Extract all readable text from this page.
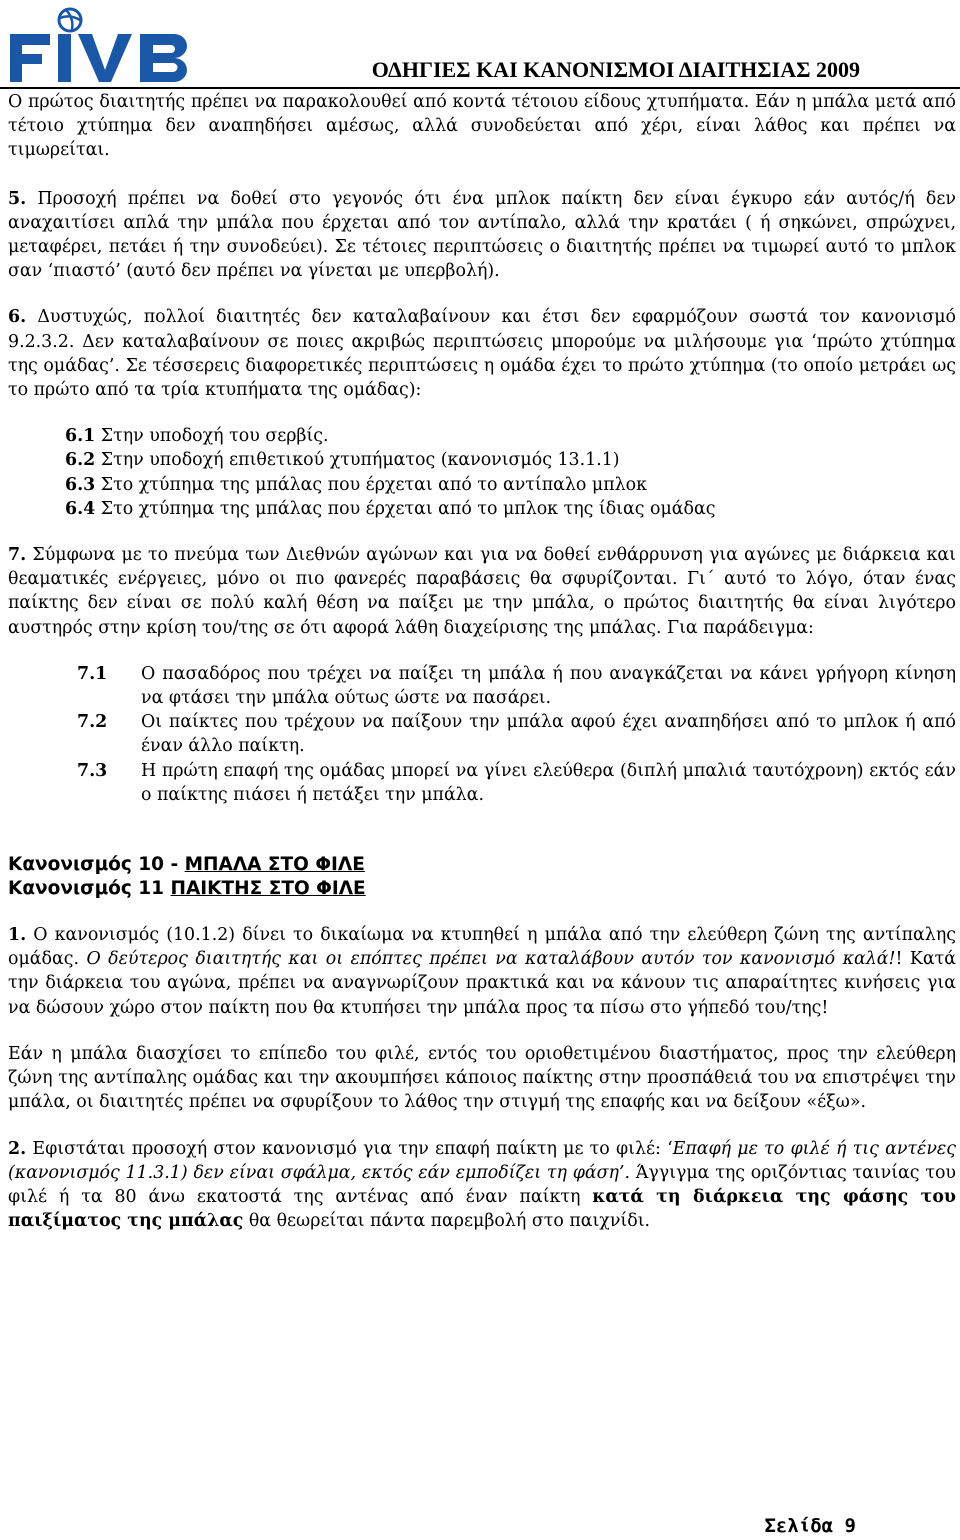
ΟΔΗΓΙΕΣ ΚΑΙ ΚΑΝΟΝΙΣΜΟΙ ΔΙΑΙΤΗΣΙΑΣ 2009

Ο πρώτος διαιτητής πρέπει να παρακολουθεί από κοντά τέτοιου είδους χτυπήματα. Εάν η μπάλα μετά από τέτοιο χτύπημα δεν αναπηδήσει αμέσως, αλλά συνοδεύεται από χέρι, είναι λάθος και πρέπει να τιμωρείται.

5. Προσοχή πρέπει να δοθεί στο γεγονός ότι ένα μπλοκ παίκτη δεν είναι έγκυρο εάν αυτός/ή δεν αναχαιτίσει απλά την μπάλα που έρχεται από τον αντίπαλο, αλλά την κρατάει ( ή σηκώνει, σπρώχνει, μεταφέρει, πετάει ή την συνοδεύει). Σε τέτοιες περιπτώσεις ο διαιτητής πρέπει να τιμωρεί αυτό το μπλοκ σαν ‘πιαστό’ (αυτό δεν πρέπει να γίνεται με υπερβολή).

6. Δυστυχώς, πολλοί διαιτητές δεν καταλαβαίνουν και έτσι δεν εφαρμόζουν σωστά τον κανονισμό 9.2.3.2. Δεν καταλαβαίνουν σε ποιες ακριβώς περιπτώσεις μπορούμε να μιλήσουμε για ‘πρώτο χτύπημα της ομάδας’. Σε τέσσερεις διαφορετικές περιπτώσεις η ομάδα έχει το πρώτο χτύπημα (το οποίο μετράει ως το πρώτο από τα τρία κτυπήματα της ομάδας):

6.1 Στην υποδοχή του σερβίς.
6.2 Στην υποδοχή επιθετικού χτυπήματος (κανονισμός 13.1.1)
6.3 Στο χτύπημα της μπάλας που έρχεται από το αντίπαλο μπλοκ
6.4 Στο χτύπημα της μπάλας που έρχεται από το μπλοκ της ίδιας ομάδας

7. Σύμφωνα με το πνεύμα των Διεθνών αγώνων και για να δοθεί ενθάρρυνση για αγώνες με διάρκεια και θεαματικές ενέργειες, μόνο οι πιο φανερές παραβάσεις θα σφυρίζονται. Γι΄ αυτό το λόγο, όταν ένας παίκτης δεν είναι σε πολύ καλή θέση να παίξει με την μπάλα, ο πρώτος διαιτητής θα είναι λιγότερο αυστηρός στην κρίση του/της σε ότι αφορά λάθη διαχείρισης της μπάλας. Για παράδειγμα:

7.1	Ο πασαδόρος που τρέχει να παίξει τη μπάλα ή που αναγκάζεται να κάνει γρήγορη κίνηση να φτάσει την μπάλα ούτως ώστε να πασάρει.
7.2	Οι παίκτες που τρέχουν να παίξουν την μπάλα αφού έχει αναπηδήσει από το μπλοκ ή από έναν άλλο παίκτη.
7.3	Η πρώτη επαφή της ομάδας μπορεί να γίνει ελεύθερα (διπλή μπαλιά ταυτόχρονη) εκτός εάν ο παίκτης πιάσει ή πετάξει την μπάλα.
Κανονισμός 10 - ΜΠΑΛΑ ΣΤΟ ΦΙΛΕ
Κανονισμός 11 ΠΑΙΚΤΗΣ ΣΤΟ ΦΙΛΕ

1. Ο κανονισμός (10.1.2) δίνει το δικαίωμα να κτυπηθεί η μπάλα από την ελεύθερη ζώνη της αντίπαλης ομάδας. Ο δεύτερος διαιτητής και οι επόπτες πρέπει να καταλάβουν αυτόν τον κανονισμό καλά!! Κατά την διάρκεια του αγώνα, πρέπει να αναγνωρίζουν πρακτικά και να κάνουν τις απαραίτητες κινήσεις για να δώσουν χώρο στον παίκτη που θα κτυπήσει την μπάλα προς τα πίσω στο γήπεδό του/της!

Εάν η μπάλα διασχίσει το επίπεδο του φιλέ, εντός του οριοθετιμένου διαστήματος, προς την ελεύθερη ζώνη της αντίπαλης ομάδας και την ακουμπήσει κάποιος παίκτης στην προσπάθειά του να επιστρέψει την μπάλα, οι διαιτητές πρέπει να σφυρίξουν το λάθος την στιγμή της επαφής και να δείξουν «έξω».

2. Εφιστάται προσοχή στον κανονισμό για την επαφή παίκτη με το φιλέ: ‘Επαφή με το φιλέ ή τις αντένες (κανονισμός 11.3.1) δεν είναι σφάλμα, εκτός εάν εμποδίζει τη φάση’. Άγγιγμα της οριζόντιας ταινίας του φιλέ ή τα 80 άνω εκατοστά της αντένας από έναν παίκτη κατά τη διάρκεια της φάσης του παιξίματος της μπάλας θα θεωρείται πάντα παρεμβολή στο παιχνίδι.

Σελίδα 9
